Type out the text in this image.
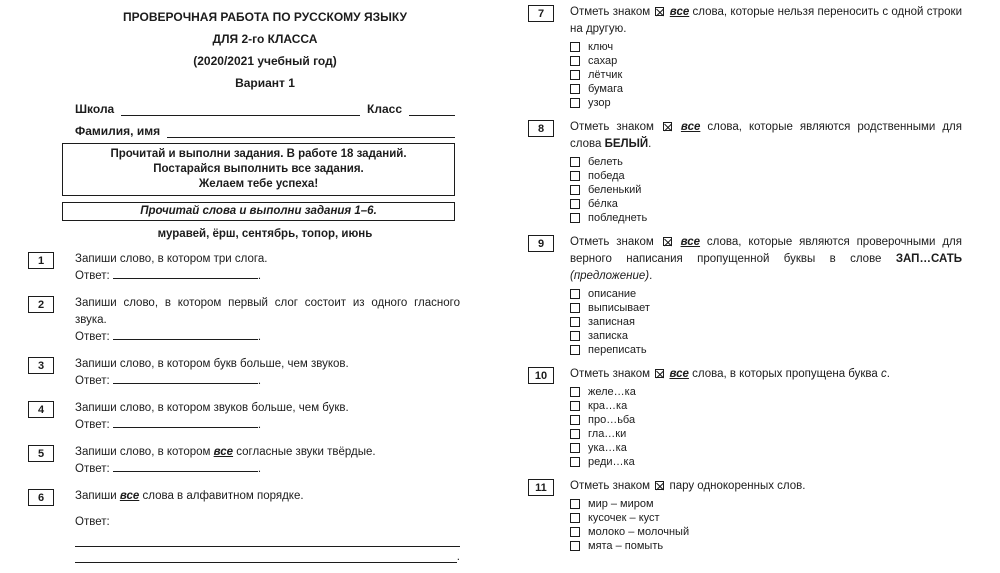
ПРОВЕРОЧНАЯ РАБОТА ПО РУССКОМУ ЯЗЫКУ
ДЛЯ 2-го КЛАССА
(2020/2021 учебный год)
Вариант 1
Школа	Класс
Фамилия, имя
Прочитай и выполни задания. В работе 18 заданий.
Постарайся выполнить все задания.
Желаем тебе успеха!
Прочитай слова и выполни задания 1–6.
муравей, ёрш, сентябрь, топор, июнь
1	Запиши слово, в котором три слога.
Ответ:	.
2	Запиши слово, в котором первый слог состоит из одного гласного звука.
Ответ:	.
3	Запиши слово, в котором букв больше, чем звуков.
Ответ:	.
4	Запиши слово, в котором звуков больше, чем букв.
Ответ:	.
5	Запиши слово, в котором все согласные звуки твёрдые.
Ответ:	.
6	Запиши все слова в алфавитном порядке.
Ответ:
.
7	Отметь знаком  все слова, которые нельзя переносить с одной строки на другую.
ключ
сахар
лётчик
бумага
узор
8	Отметь знаком  все слова, которые являются родственными для слова БЕЛЫЙ.
белеть
победа
беленький
бе́лка
побледнеть
9	Отметь знаком  все слова, которые являются проверочными для верного написания пропущенной буквы в слове ЗАП…САТЬ (предложение).
описание
выписывает
записная
записка
переписать
10	Отметь знаком  все слова, в которых пропущена буква с.
желе…ка
кра…ка
про…ьба
гла…ки
ука…ка
реди…ка
11	Отметь знаком  пару однокоренных слов.
мир – миром
кусочек – куст
молоко – молочный
мята – помыть
